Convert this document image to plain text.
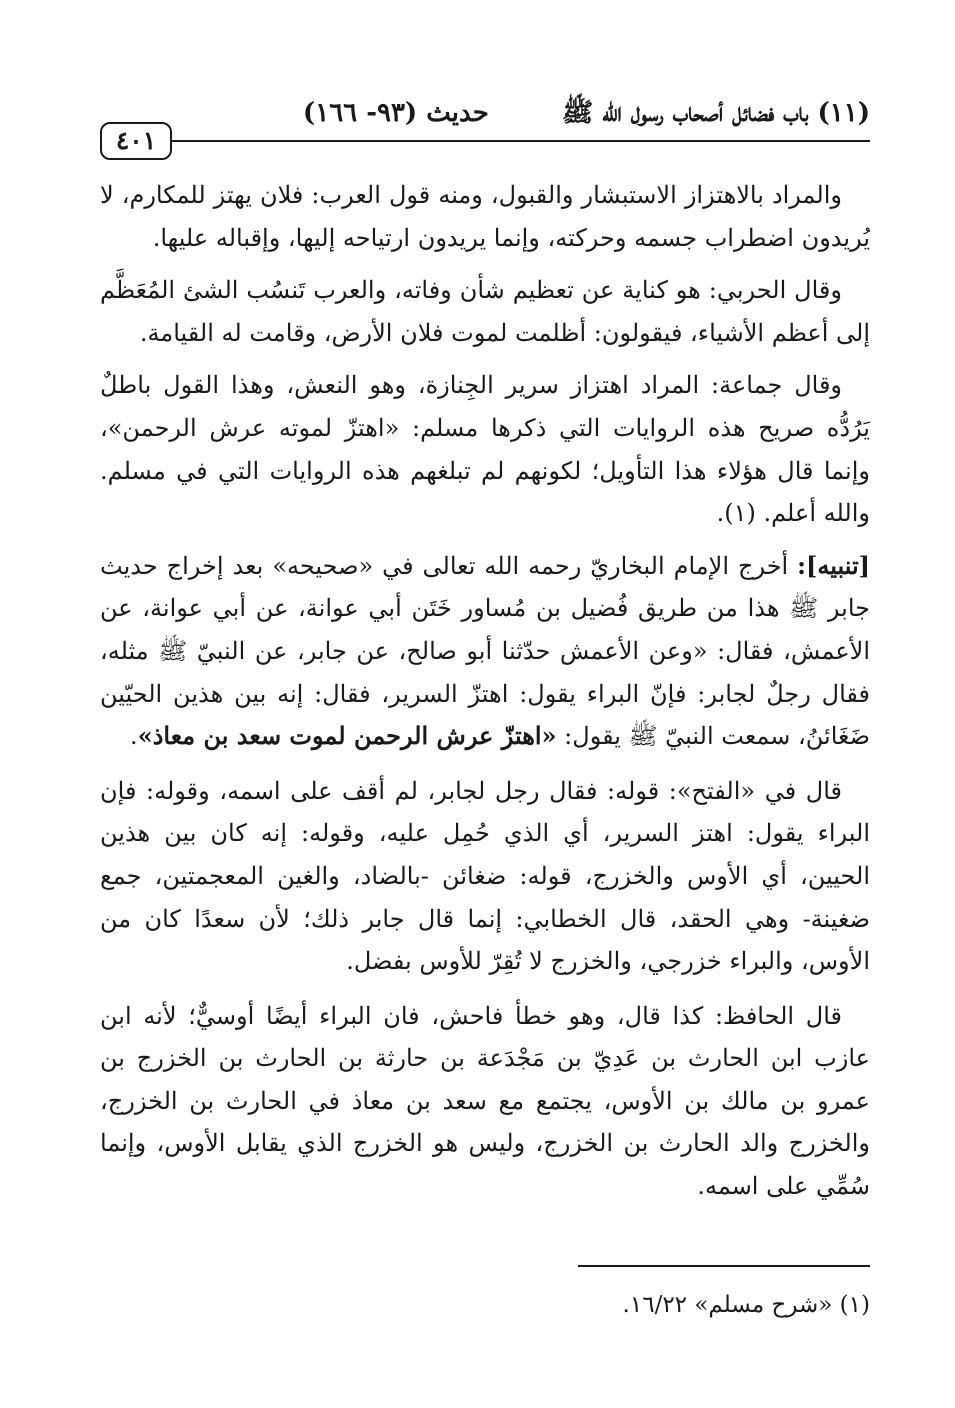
(١١) باب فضائل أصحاب رسول الله ﷺ حديث (٩٣- ١٦٦)
٤٠١

والمراد بالاهتزاز الاستبشار والقبول، ومنه قول العرب: فلان يهتز للمكارم، لا يُريدون اضطراب جسمه وحركته، وإنما يريدون ارتياحه إليها، وإقباله عليها.

وقال الحربي: هو كناية عن تعظيم شأن وفاته، والعرب تَنسُب الشئ المُعَظَّم إلى أعظم الأشياء، فيقولون: أظلمت لموت فلان الأرض، وقامت له القيامة.

وقال جماعة: المراد اهتزاز سرير الجِنازة، وهو النعش، وهذا القول باطلٌ يَرُدُّه صريح هذه الروايات التي ذكرها مسلم: «اهتزّ لموته عرش الرحمن»، وإنما قال هؤلاء هذا التأويل؛ لكونهم لم تبلغهم هذه الروايات التي في مسلم. والله أعلم. (١).

[تنبيه]: أخرج الإمام البخاريّ رحمه الله تعالى في «صحيحه» بعد إخراج حديث جابر ﷺ هذا من طريق فُضيل بن مُساور خَتَن أبي عوانة، عن أبي عوانة، عن الأعمش، فقال: «وعن الأعمش حدّثنا أبو صالح، عن جابر، عن النبيّ ﷺ مثله، فقال رجلٌ لجابر: فإنّ البراء يقول: اهتزّ السرير، فقال: إنه بين هذين الحيّين ضَغَائنُ، سمعت النبيّ ﷺ يقول: «اهتزّ عرش الرحمن لموت سعد بن معاذ».

قال في «الفتح»: قوله: فقال رجل لجابر، لم أقف على اسمه، وقوله: فإن البراء يقول: اهتز السرير، أي الذي حُمِل عليه، وقوله: إنه كان بين هذين الحيين، أي الأوس والخزرج، قوله: ضغائن -بالضاد، والغين المعجمتين، جمع ضغينة- وهي الحقد، قال الخطابي: إنما قال جابر ذلك؛ لأن سعدًا كان من الأوس، والبراء خزرجي، والخزرج لا تُقِرّ للأوس بفضل.

قال الحافظ: كذا قال، وهو خطأ فاحش، فان البراء أيضًا أوسيٌّ؛ لأنه ابن عازب ابن الحارث بن عَدِيّ بن مَجْدَعة بن حارثة بن الحارث بن الخزرج بن عمرو بن مالك بن الأوس، يجتمع مع سعد بن معاذ في الحارث بن الخزرج، والخزرج والد الحارث بن الخزرج، وليس هو الخزرج الذي يقابل الأوس، وإنما سُمِّي على اسمه.

(١) «شرح مسلم» ١٦/٢٢.
